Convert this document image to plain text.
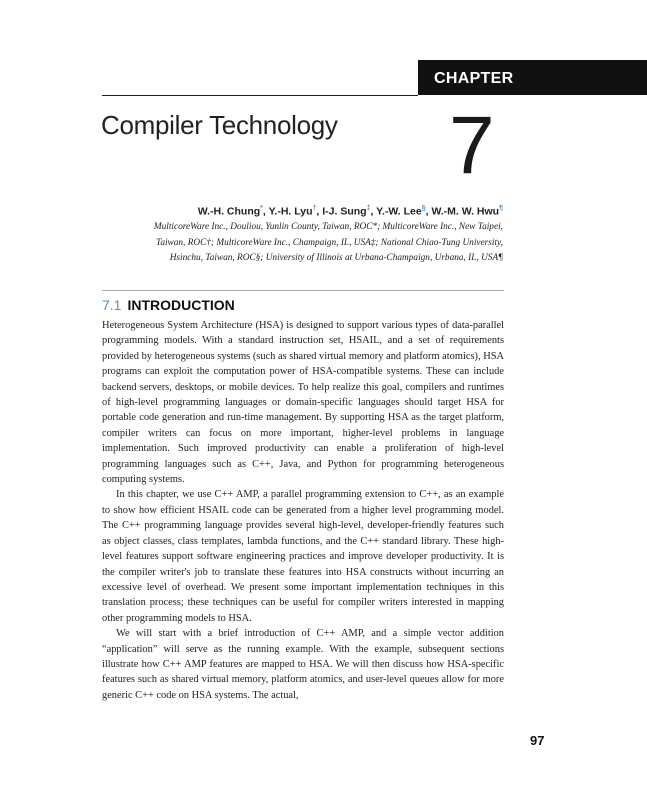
CHAPTER
Compiler Technology 7
W.-H. Chung*, Y.-H. Lyu†, I-J. Sung‡, Y.-W. Lee§, W.-M. W. Hwu¶
MulticoreWare Inc., Douliou, Yunlin County, Taiwan, ROC*; MulticoreWare Inc., New Taipei,
Taiwan, ROC†; MulticoreWare Inc., Champaign, IL, USA‡; National Chiao-Tung University,
Hsinchu, Taiwan, ROC§; University of Illinois at Urbana-Champaign, Urbana, IL, USA¶
7.1 INTRODUCTION

Heterogeneous System Architecture (HSA) is designed to support various types of data-parallel programming models. With a standard instruction set, HSAIL, and a set of requirements provided by heterogeneous systems (such as shared virtual memory and platform atomics), HSA programs can exploit the computation power of HSA-compatible systems. These can include backend servers, desktops, or mobile devices. To help realize this goal, compilers and runtimes of high-level programming languages or domain-specific languages should target HSA for portable code generation and run-time management. By supporting HSA as the target platform, compiler writers can focus on more important, higher-level problems in language implementation. Such improved productivity can enable a proliferation of high-level programming languages such as C++, Java, and Python for programming heterogeneous computing systems.

In this chapter, we use C++ AMP, a parallel programming extension to C++, as an example to show how efficient HSAIL code can be generated from a higher level programming model. The C++ programming language provides several high-level, developer-friendly features such as object classes, class templates, lambda functions, and the C++ standard library. These high-level features support software engineering practices and improve developer productivity. It is the compiler writer's job to translate these features into HSA constructs without incurring an excessive level of overhead. We present some important implementation techniques in this translation process; these techniques can be useful for compiler writers interested in mapping other programming models to HSA.

We will start with a brief introduction of C++ AMP, and a simple vector addition “application” will serve as the running example. With the example, subsequent sections illustrate how C++ AMP features are mapped to HSA. We will then discuss how HSA-specific features such as shared virtual memory, platform atomics, and user-level queues allow for more generic C++ code on HSA systems. The actual,

97
